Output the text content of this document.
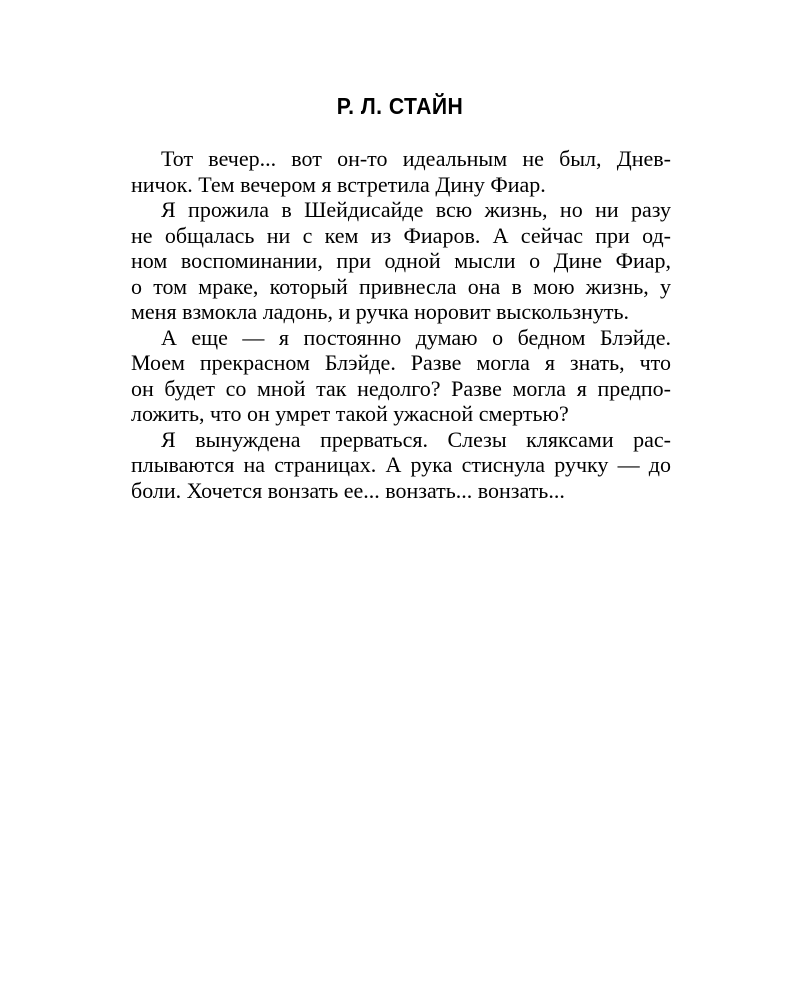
Р. Л. СТАЙН
Тот вечер... вот он-то идеальным не был, Днев-
ничок. Тем вечером я встретила Дину Фиар.
Я прожила в Шейдисайде всю жизнь, но ни разу
не общалась ни с кем из Фиаров. А сейчас при од-
ном воспоминании, при одной мысли о Дине Фиар,
о том мраке, который привнесла она в мою жизнь, у
меня взмокла ладонь, и ручка норовит выскользнуть.
А еще — я постоянно думаю о бедном Блэйде.
Моем прекрасном Блэйде. Разве могла я знать, что
он будет со мной так недолго? Разве могла я предпо-
ложить, что он умрет такой ужасной смертью?
Я вынуждена прерваться. Слезы кляксами рас-
плываются на страницах. А рука стиснула ручку — до
боли. Хочется вонзать ее... вонзать... вонзать...
